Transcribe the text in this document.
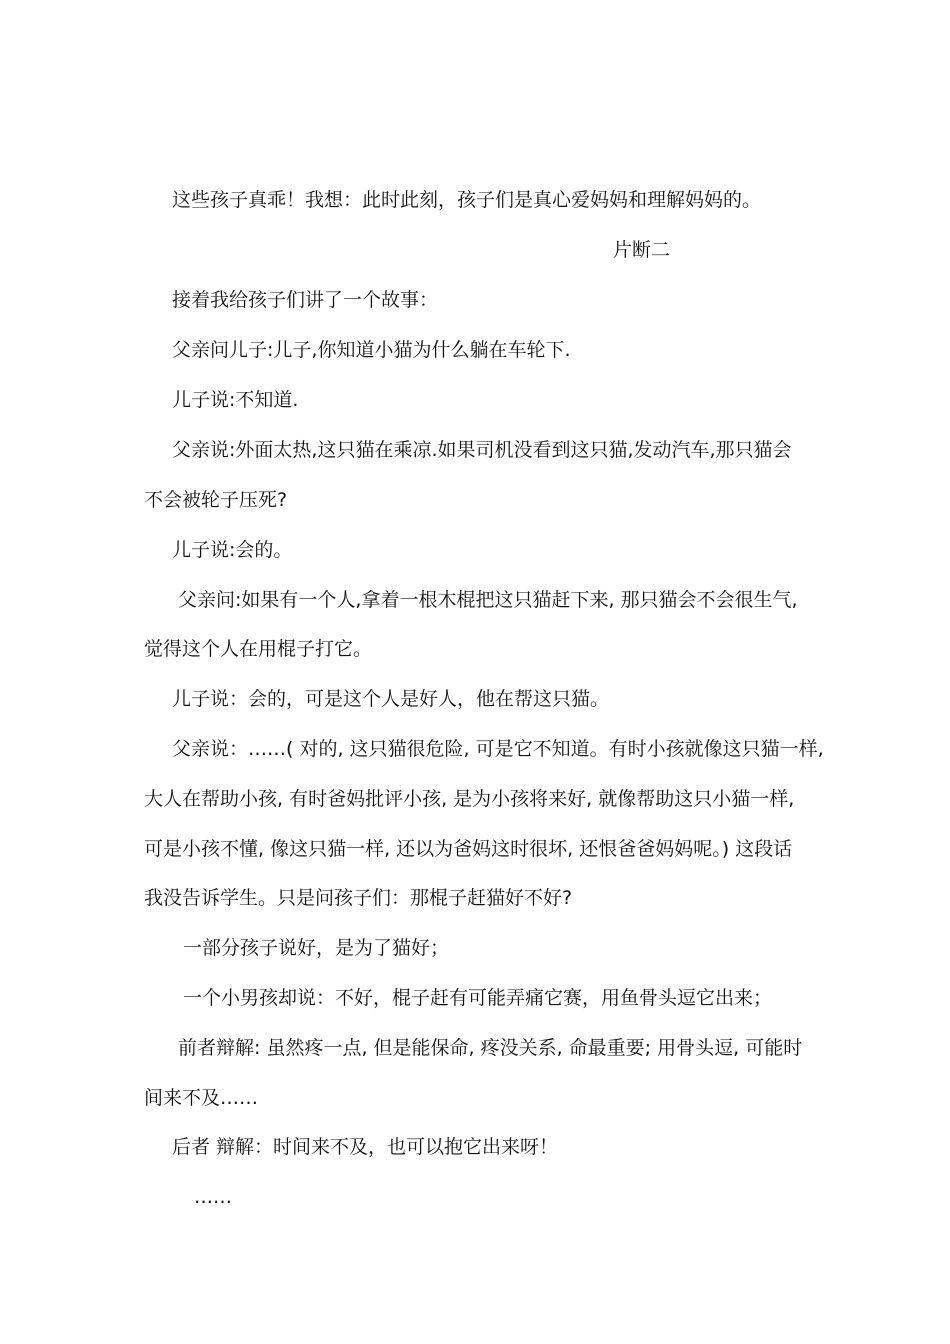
这些孩子真乖！我想：此时此刻，孩子们是真心爱妈妈和理解妈妈的。
片断二
接着我给孩子们讲了一个故事：
父亲问儿子:儿子,你知道小猫为什么躺在车轮下.
儿子说:不知道.
父亲说:外面太热,这只猫在乘凉.如果司机没看到这只猫,发动汽车,那只猫会
不会被轮子压死?
儿子说:会的。
父亲问:如果有一个人,拿着一根木棍把这只猫赶下来, 那只猫会不会很生气,
觉得这个人在用棍子打它。
儿子说：会的，可是这个人是好人，他在帮这只猫。
父亲说：……( 对的, 这只猫很危险, 可是它不知道。有时小孩就像这只猫一样,
大人在帮助小孩, 有时爸妈批评小孩, 是为小孩将来好, 就像帮助这只小猫一样,
可是小孩不懂, 像这只猫一样, 还以为爸妈这时很坏, 还恨爸爸妈妈呢。) 这段话
我没告诉学生。只是问孩子们：那棍子赶猫好不好?
一部分孩子说好，是为了猫好；
一个小男孩却说：不好，棍子赶有可能弄痛它赛，用鱼骨头逗它出来；
前者辩解: 虽然疼一点, 但是能保命, 疼没关系, 命最重要; 用骨头逗, 可能时
间来不及……
后者 辩解：时间来不及，也可以抱它出来呀！
……
